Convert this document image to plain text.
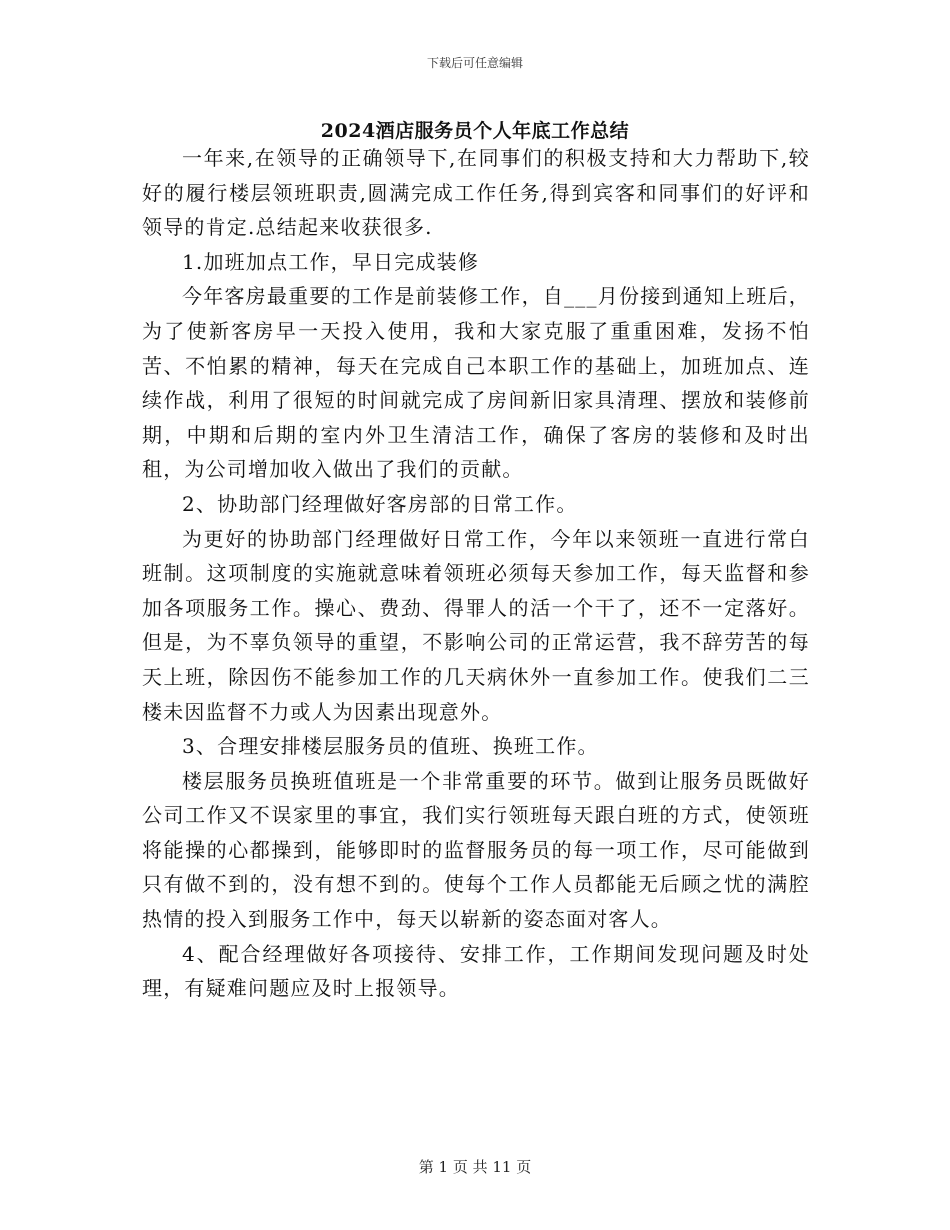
下载后可任意编辑
2024酒店服务员个人年底工作总结

一年来,在领导的正确领导下,在同事们的积极支持和大力帮助下,较好的履行楼层领班职责,圆满完成工作任务,得到宾客和同事们的好评和领导的肯定.总结起来收获很多.

1.加班加点工作，早日完成装修

今年客房最重要的工作是前装修工作，自___月份接到通知上班后，为了使新客房早一天投入使用，我和大家克服了重重困难，发扬不怕苦、不怕累的精神，每天在完成自己本职工作的基础上，加班加点、连续作战，利用了很短的时间就完成了房间新旧家具清理、摆放和装修前期，中期和后期的室内外卫生清洁工作，确保了客房的装修和及时出租，为公司增加收入做出了我们的贡献。

2、协助部门经理做好客房部的日常工作。

为更好的协助部门经理做好日常工作，今年以来领班一直进行常白班制。这项制度的实施就意味着领班必须每天参加工作，每天监督和参加各项服务工作。操心、费劲、得罪人的活一个干了，还不一定落好。但是，为不辜负领导的重望，不影响公司的正常运营，我不辞劳苦的每天上班，除因伤不能参加工作的几天病休外一直参加工作。使我们二三楼未因监督不力或人为因素出现意外。

3、合理安排楼层服务员的值班、换班工作。

楼层服务员换班值班是一个非常重要的环节。做到让服务员既做好公司工作又不误家里的事宜，我们实行领班每天跟白班的方式，使领班将能操的心都操到，能够即时的监督服务员的每一项工作，尽可能做到只有做不到的，没有想不到的。使每个工作人员都能无后顾之忧的满腔热情的投入到服务工作中，每天以崭新的姿态面对客人。

4、配合经理做好各项接待、安排工作，工作期间发现问题及时处理，有疑难问题应及时上报领导。

第 1 页 共 11 页
